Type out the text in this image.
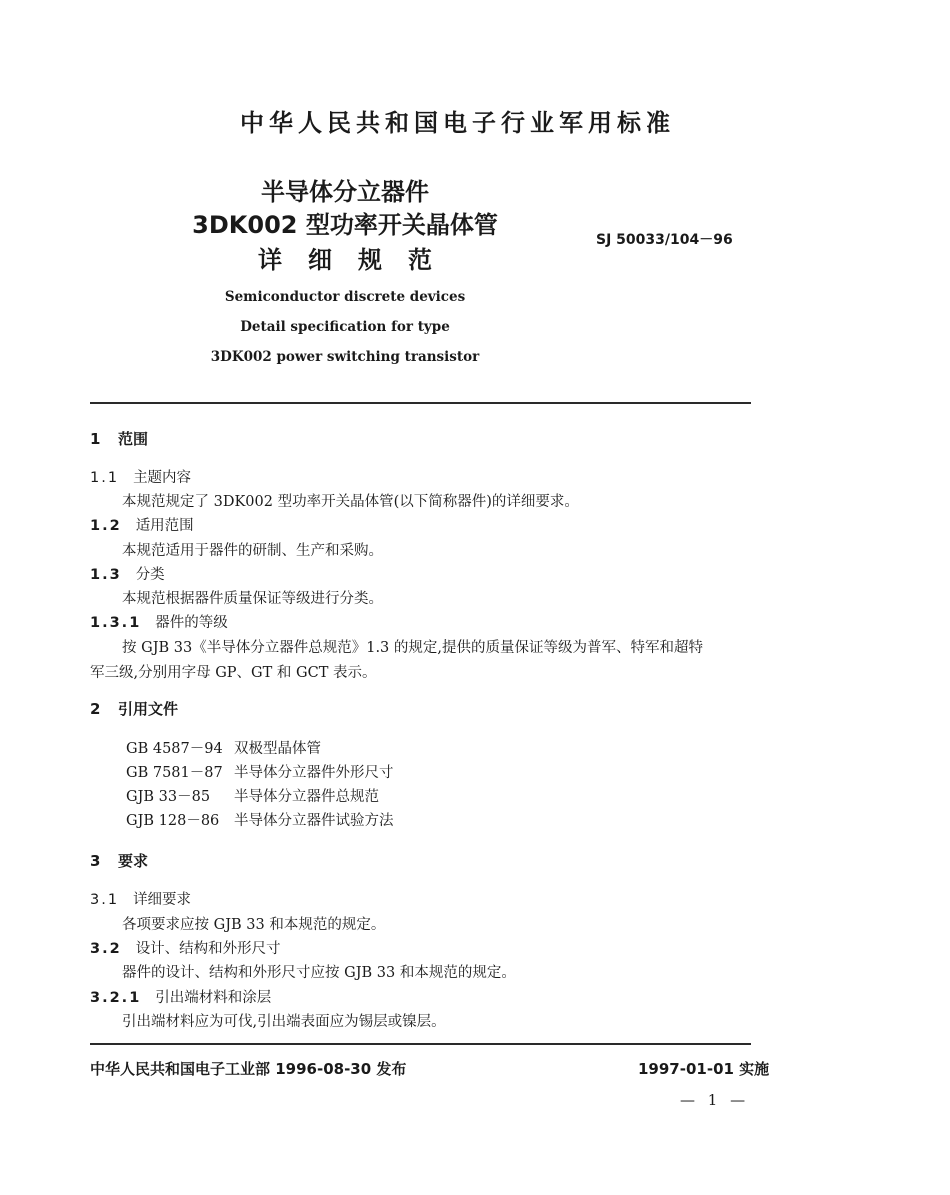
中华人民共和国电子行业军用标准
半导体分立器件
3DK002 型功率开关晶体管
详细规范
SJ 50033/104－96
Semiconductor discrete devices
Detail specification for type
3DK002 power switching transistor
1 范围
1.1 主题内容
本规范规定了 3DK002 型功率开关晶体管(以下简称器件)的详细要求。
1.2 适用范围
本规范适用于器件的研制、生产和采购。
1.3 分类
本规范根据器件质量保证等级进行分类。
1.3.1 器件的等级
按 GJB 33《半导体分立器件总规范》1.3 的规定,提供的质量保证等级为普军、特军和超特
军三级,分别用字母 GP、GT 和 GCT 表示。
2 引用文件
GB 4587－94 双极型晶体管
GB 7581－87 半导体分立器件外形尺寸
GJB 33－85	半导体分立器件总规范
GJB 128－86	半导体分立器件试验方法
3 要求
3.1 详细要求
各项要求应按 GJB 33 和本规范的规定。
3.2 设计、结构和外形尺寸
器件的设计、结构和外形尺寸应按 GJB 33 和本规范的规定。
3.2.1 引出端材料和涂层
引出端材料应为可伐,引出端表面应为锡层或镍层。
中华人民共和国电子工业部 1996-08-30 发布	1997-01-01 实施
— 1 —
